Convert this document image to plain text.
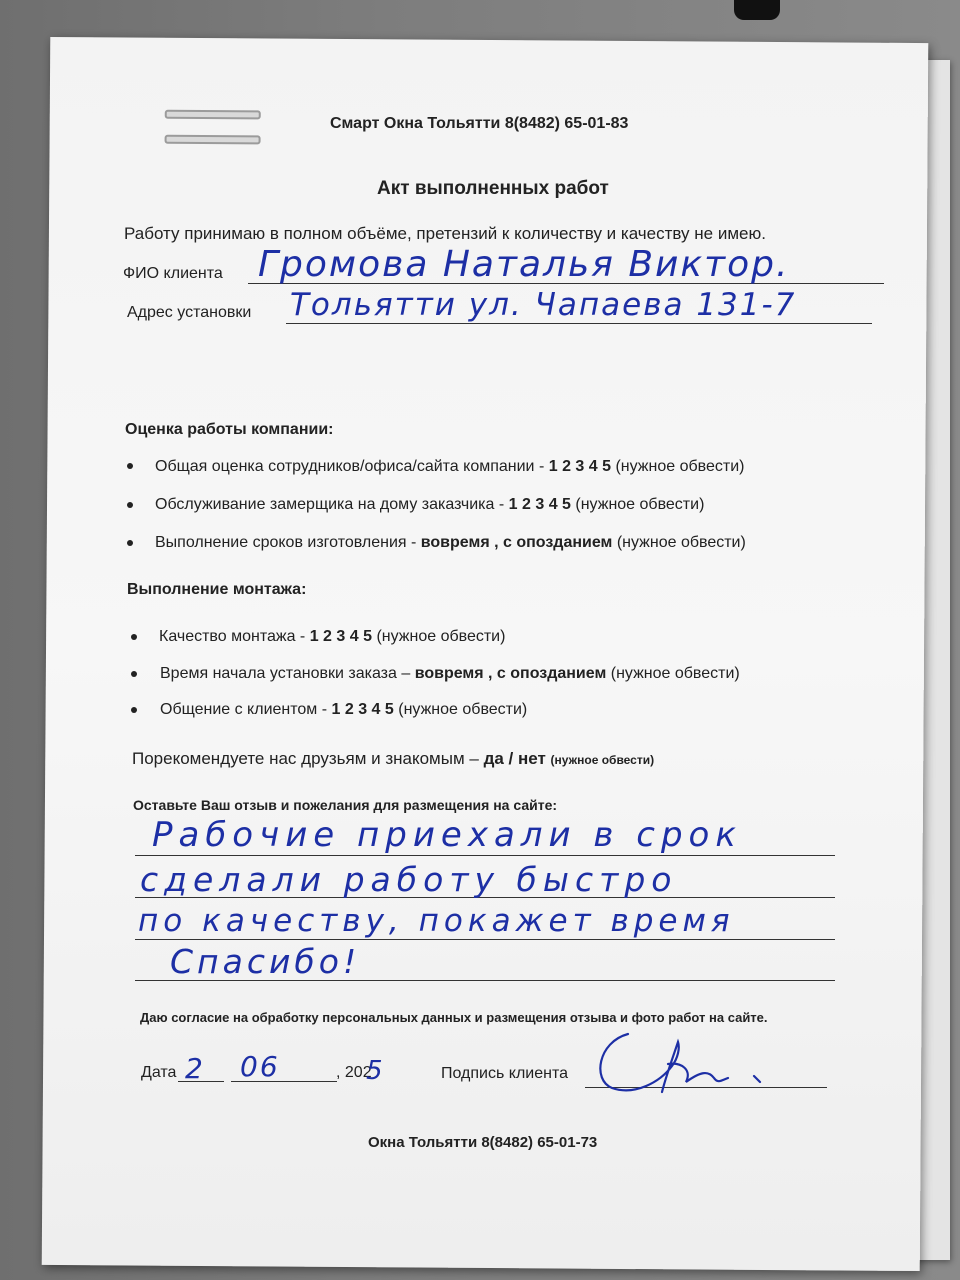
Смарт Окна Тольятти 8(8482) 65-01-83
Акт выполненных работ
Работу принимаю в полном объёме, претензий к количеству и качеству не имею.
ФИО клиента Громова Наталья Виктор.
Адрес установки Тольятти ул. Чапаева 131-7
Оценка работы компании:
Общая оценка сотрудников/офиса/сайта компании - 1 2 3 4 5 (нужное обвести)
Обслуживание замерщика на дому заказчика - 1 2 3 4 5 (нужное обвести)
Выполнение сроков изготовления - вовремя , с опозданием (нужное обвести)
Выполнение монтажа:
Качество монтажа - 1 2 3 4 5 (нужное обвести)
Время начала установки заказа – вовремя , с опозданием (нужное обвести)
Общение с клиентом - 1 2 3 4 5 (нужное обвести)
Порекомендуете нас друзьям и знакомым – да / нет (нужное обвести)
Оставьте Ваш отзыв и пожелания для размещения на сайте:
Рабочие приехали в срок
сделали работу быстро
по качеству, покажет время
Спасибо!
Даю согласие на обработку персональных данных и размещения отзыва и фото работ на сайте.
Дата 2 06	, 202
5	Подпись клиента
Окна Тольятти 8(8482) 65-01-73
